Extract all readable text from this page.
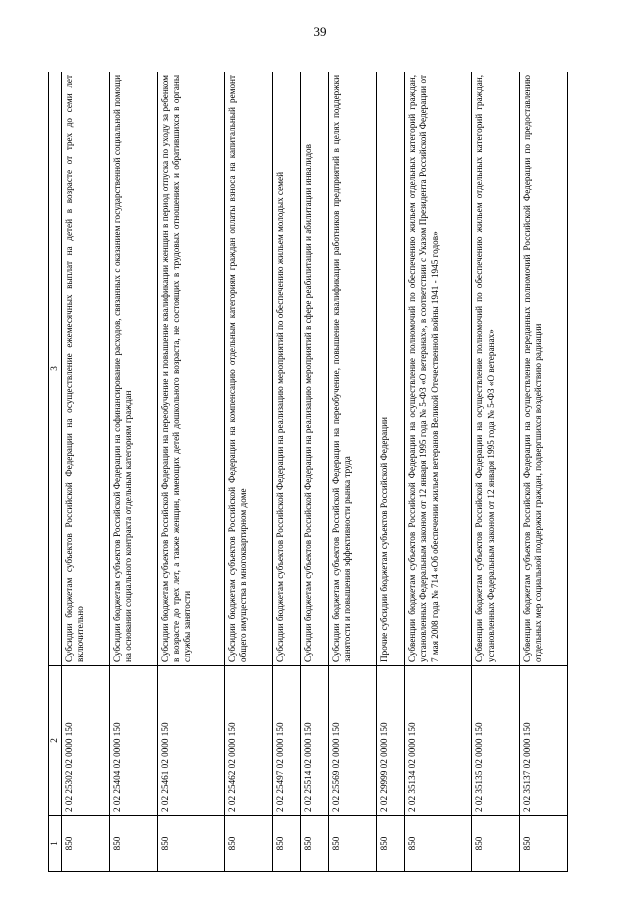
39
1	2	3
850	2 02 25302 02 0000 150	Субсидии бюджетам субъектов Российской Федерации на осуществление ежемесячных выплат на детей в возрасте от трех до семи лет включительно
850	2 02 25404 02 0000 150	Субсидии бюджетам субъектов Российской Федерации на софинансирование расходов, связанных с оказанием государственной социальной помощи на основании социального контракта отдельным категориям граждан
850	2 02 25461 02 0000 150	Субсидии бюджетам субъектов Российской Федерации на переобучение и повышение квалификации женщин в период отпуска по уходу за ребенком в возрасте до трех лет, а также женщин, имеющих детей дошкольного возраста, не состоящих в трудовых отношениях и обратившихся в органы службы занятости
850	2 02 25462 02 0000 150	Субсидии бюджетам субъектов Российской Федерации на компенсацию отдельным категориям граждан оплаты взноса на капитальный ремонт общего имущества в многоквартирном доме
850	2 02 25497 02 0000 150	Субсидии бюджетам субъектов Российской Федерации на реализацию мероприятий по обеспечению жильем молодых семей
850	2 02 25514 02 0000 150	Субсидии бюджетам субъектов Российской Федерации на реализацию мероприятий в сфере реабилитации и абилитации инвалидов
850	2 02 25569 02 0000 150	Субсидии бюджетам субъектов Российской Федерации на переобучение, повышение квалификации работников предприятий в целях поддержки занятости и повышения эффективности рынка труда
850	2 02 29999 02 0000 150	Прочие субсидии бюджетам субъектов Российской Федерации
850	2 02 35134 02 0000 150	Субвенции бюджетам субъектов Российской Федерации на осуществление полномочий по обеспечению жильем отдельных категорий граждан, установленных Федеральным законом от 12 января 1995 года № 5-ФЗ «О ветеранах», в соответствии с Указом Президента Российской Федерации от 7 мая 2008 года № 714 «Об обеспечении жильем ветеранов Великой Отечественной войны 1941 - 1945 годов»
850	2 02 35135 02 0000 150	Субвенции бюджетам субъектов Российской Федерации на осуществление полномочий по обеспечению жильем отдельных категорий граждан, установленных Федеральным законом от 12 января 1995 года № 5-ФЗ «О ветеранах»
850	2 02 35137 02 0000 150	Субвенции бюджетам субъектов Российской Федерации на осуществление переданных полномочий Российской Федерации по предоставлению отдельных мер социальной поддержки граждан, подвергшихся воздействию радиации
